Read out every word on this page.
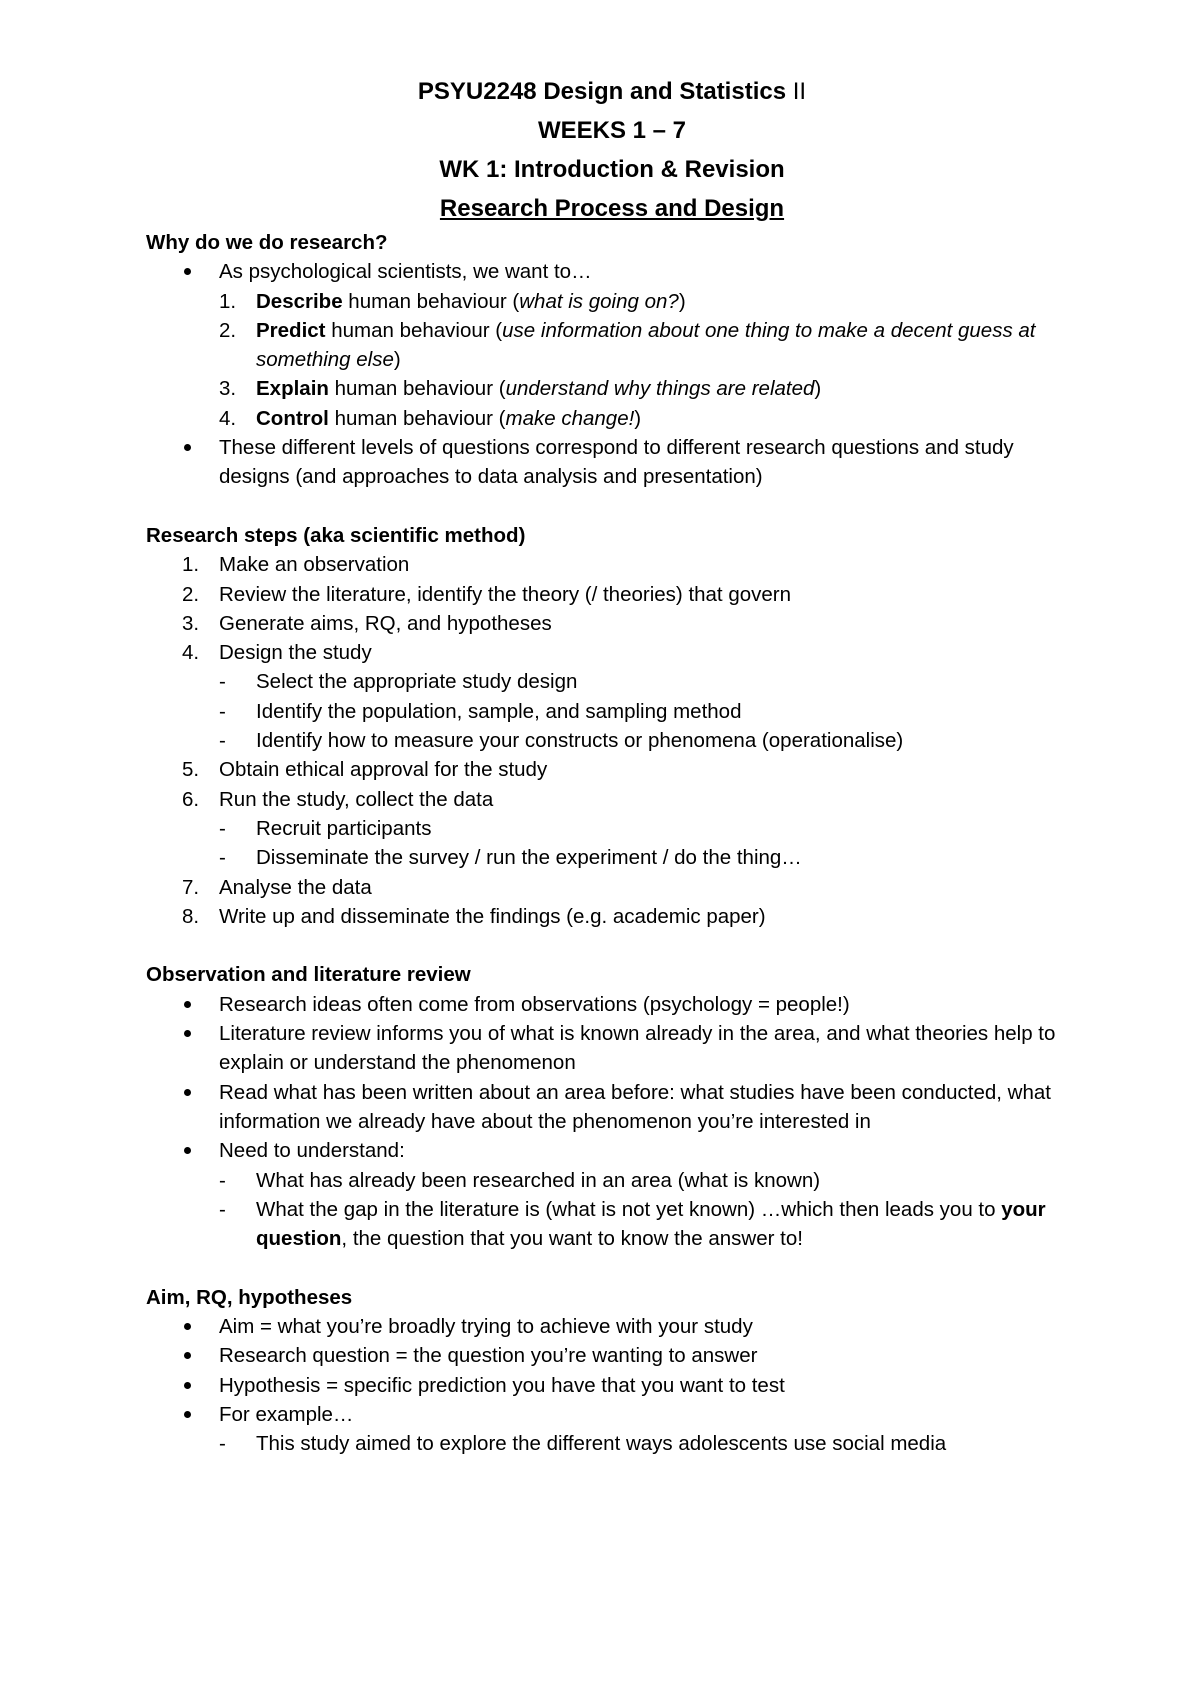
PSYU2248 Design and Statistics II

WEEKS 1 – 7

WK 1: Introduction & Revision

Research Process and Design

Why do we do research?

As psychological scientists, we want to…
1. Describe human behaviour (what is going on?)
2. Predict human behaviour (use information about one thing to make a decent guess at something else)
3. Explain human behaviour (understand why things are related)
4. Control human behaviour (make change!)
These different levels of questions correspond to different research questions and study designs (and approaches to data analysis and presentation)

Research steps (aka scientific method)

1. Make an observation
2. Review the literature, identify the theory (/ theories) that govern
3. Generate aims, RQ, and hypotheses
4. Design the study
- Select the appropriate study design
- Identify the population, sample, and sampling method
- Identify how to measure your constructs or phenomena (operationalise)
5. Obtain ethical approval for the study
6. Run the study, collect the data
- Recruit participants
- Disseminate the survey / run the experiment / do the thing…
7. Analyse the data
8. Write up and disseminate the findings (e.g. academic paper)

Observation and literature review

Research ideas often come from observations (psychology = people!)
Literature review informs you of what is known already in the area, and what theories help to explain or understand the phenomenon
Read what has been written about an area before: what studies have been conducted, what information we already have about the phenomenon you’re interested in
Need to understand:
- What has already been researched in an area (what is known)
- What the gap in the literature is (what is not yet known) …which then leads you to your question, the question that you want to know the answer to!

Aim, RQ, hypotheses

Aim = what you’re broadly trying to achieve with your study
Research question = the question you’re wanting to answer
Hypothesis = specific prediction you have that you want to test
For example…
- This study aimed to explore the different ways adolescents use social media
